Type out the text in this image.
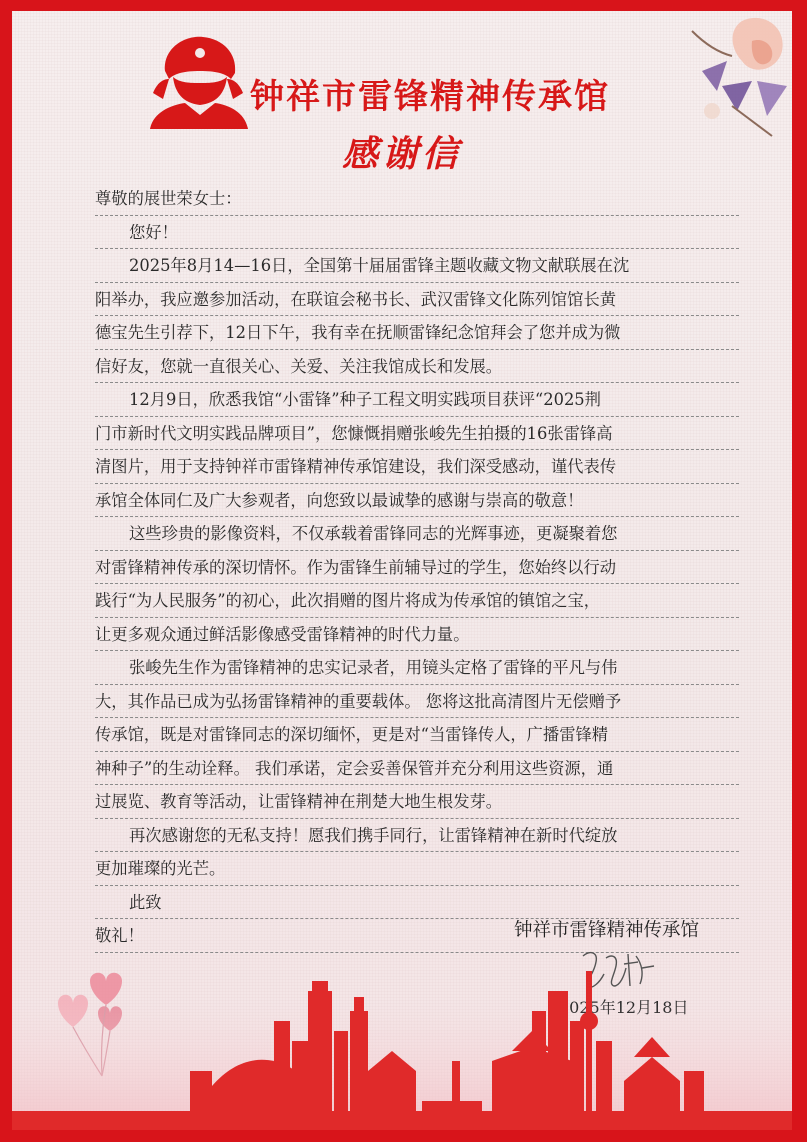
钟祥市雷锋精神传承馆
感谢信
尊敬的展世荣女士：
您好！
2025年8月14—16日，全国第十届届雷锋主题收藏文物文献联展在沈
阳举办，我应邀参加活动，在联谊会秘书长、武汉雷锋文化陈列馆馆长黄
德宝先生引荐下，12日下午，我有幸在抚顺雷锋纪念馆拜会了您并成为微
信好友，您就一直很关心、关爱、关注我馆成长和发展。
12月9日，欣悉我馆“小雷锋”种子工程文明实践项目获评“2025荆
门市新时代文明实践品牌项目”，您慷慨捐赠张峻先生拍摄的16张雷锋高
清图片，用于支持钟祥市雷锋精神传承馆建设，我们深受感动，谨代表传
承馆全体同仁及广大参观者，向您致以最诚挚的感谢与崇高的敬意！
这些珍贵的影像资料，不仅承载着雷锋同志的光辉事迹，更凝聚着您
对雷锋精神传承的深切情怀。作为雷锋生前辅导过的学生，您始终以行动
践行“为人民服务”的初心，此次捐赠的图片将成为传承馆的镇馆之宝，
让更多观众通过鲜活影像感受雷锋精神的时代力量。
张峻先生作为雷锋精神的忠实记录者，用镜头定格了雷锋的平凡与伟
大，其作品已成为弘扬雷锋精神的重要载体。 您将这批高清图片无偿赠予
传承馆，既是对雷锋同志的深切缅怀，更是对“当雷锋传人，广播雷锋精
神种子”的生动诠释。 我们承诺，定会妥善保管并充分利用这些资源，通
过展览、教育等活动，让雷锋精神在荆楚大地生根发芽。
再次感谢您的无私支持！愿我们携手同行，让雷锋精神在新时代绽放
更加璀璨的光芒。
此致
敬礼！	钟祥市雷锋精神传承馆
